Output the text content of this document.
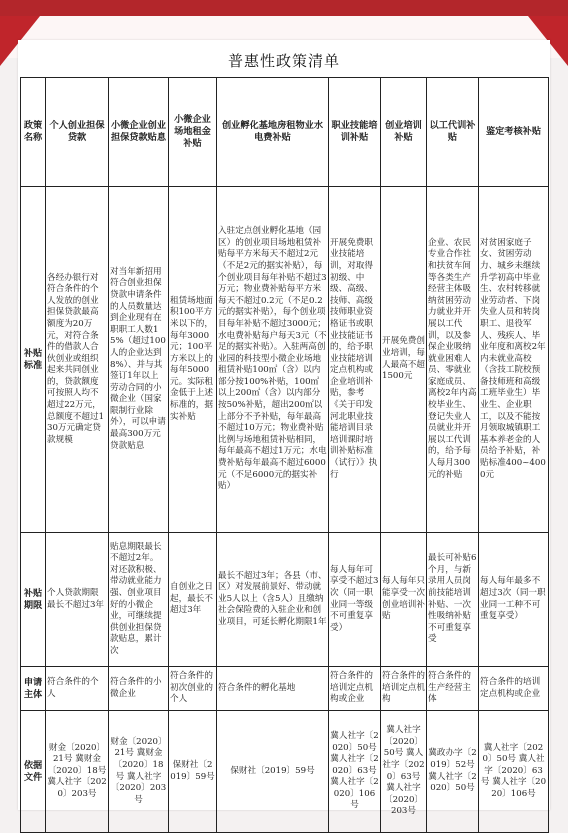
普惠性政策清单
政策名称	个人创业担保贷款	小微企业创业担保贷款贴息	小微企业场地租金补贴	创业孵化基地房租物业水电费补贴	职业技能培训补贴	创业培训补贴	以工代训补贴	鉴定考核补贴
补贴标准	各经办银行对符合条件的个人发放的创业担保贷款最高额度为20万元，对符合条件的借款人合伙创业或组织起来共同创业的，贷款额度可按照人均不超过22万元，总额度不超过130万元确定贷款规模	对当年新招用符合创业担保贷款申请条件的人员数量达到企业现有在职职工人数15%（超过100人的企业达到8%）、并与其签订1年以上劳动合同的小微企业（国家限制行业除外），可以申请最高300万元贷款贴息	租赁场地面积100平方米以下的，每年3000元；100平方米以上的每年5000元。实际租金低于上述标准的，据实补贴	入驻定点创业孵化基地（园区）的创业项目场地租赁补贴每平方米每天不超过2元（不足2元的据实补贴），每个创业项目每年补贴不超过3万元；物业费补贴每平方米每天不超过0.2元（不足0.2元的据实补贴），每个创业项目每年补贴不超过3000元；水电费补贴每户每天3元（不足的据实补贴）。入驻两高创业园的科技型小微企业场地租赁补贴100㎡（含）以内部分按100%补贴，100㎡以上200㎡（含）以内部分按50%补贴，超出200㎡以上部分不予补贴，每年最高不超过10万元；物业费补贴比例与场地租赁补贴相同，每年最高不超过1万元；水电费补贴每年最高不超过6000元（不足6000元的据实补贴）	开展免费职业技能培训，对取得初级、中级、高级、技师、高级技师职业资格证书或职业技能证书的，给予职业技能培训定点机构或企业培训补贴，参考《关于印发河北职业技能培训目录培训课时培训补贴标准（试行）》执行	开展免费创业培训，每人最高不超1500元	企业、农民专业合作社和扶贫车间等各类生产经营主体吸纳贫困劳动力就业并开展以工代训，以及参保企业吸纳就业困难人员、零就业家庭成员、离校2年内高校毕业生、登记失业人员就业并开展以工代训的，给予每人每月300元的补贴	对贫困家庭子女、贫困劳动力、城乡未继续升学初高中毕业生、农村转移就业劳动者、下岗失业人员和转岗职工、退役军人、残疾人、毕业年度和离校2年内未就业高校（含技工院校预备技师班和高级工班毕业生）毕业生、企业职工，以及不能按月领取城镇职工基本养老金的人员给予补贴，补贴标准400~4000元
补贴期限	个人贷款期限最长不超过3年	贴息期限最长不超过2年。对还款积极、带动就业能力强、创业项目好的小微企业，可继续提供创业担保贷款贴息，累计次	自创业之日起，最长不超过3年	最长不超过3年；各县（市、区）对发展前景好、带动就业5人以上（含5人）且缴纳社会保险费的入驻企业和创业项目，可延长孵化期限1年	每人每年可享受不超过3次（同一职业同一等级不可重复享受）	每人每年只能享受一次创业培训补贴	最长可补贴6个月，与新录用人员岗前技能培训补贴、一次性吸纳补贴不可重复享受	每人每年最多不超过3次（同一职业同一工种不可重复享受）
申请主体	符合条件的个人	符合条件的小微企业	符合条件的初次创业的个人	符合条件的孵化基地	符合条件的培训定点机构或企业	符合条件的培训定点机构	符合条件的生产经营主体	符合条件的培训定点机构或企业
依据文件	财金〔2020〕21号 冀财金〔2020〕18号 冀人社字〔2020〕203号	财金〔2020〕21号 冀财金〔2020〕18号 冀人社字〔2020〕203号	保财社〔2019〕59号	保财社〔2019〕59号	冀人社字〔2020〕50号 冀人社字〔2020〕63号 冀人社字〔2020〕106号	冀人社字〔2020〕50号 冀人社字〔2020〕63号 冀人社字〔2020〕203号	冀政办字〔2019〕52号 冀人社字〔2020〕50号	冀人社字〔2020〕50号 冀人社字〔2020〕63号 冀人社字〔2020〕106号
